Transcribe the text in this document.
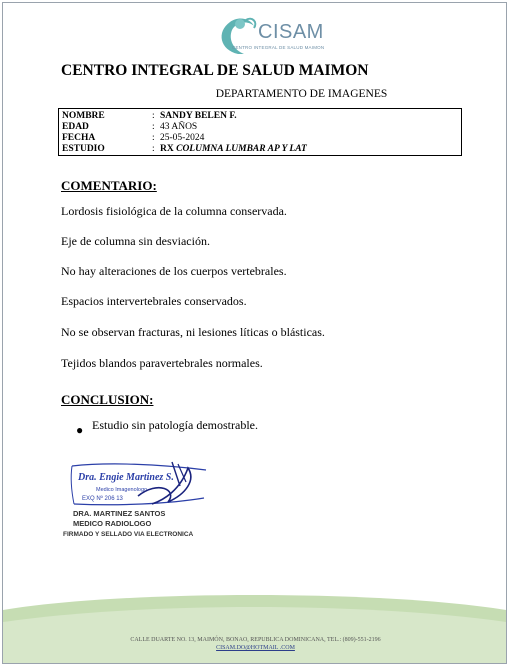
CISAM
CENTRO INTEGRAL DE SALUD MAIMON
CENTRO INTEGRAL DE SALUD MAIMON
DEPARTAMENTO DE IMAGENES
NOMBRE	: SANDY BELEN F.
EDAD	: 43 AÑOS
FECHA	: 25-05-2024
ESTUDIO	: RX COLUMNA LUMBAR AP Y LAT
COMENTARIO:
Lordosis fisiológica de la columna conservada.
Eje de columna sin desviación.
No hay alteraciones de los cuerpos vertebrales.
Espacios intervertebrales conservados.
No se observan fracturas, ni lesiones líticas o blásticas.
Tejidos blandos paravertebrales normales.
CONCLUSION:
● Estudio sin patología demostrable.
Dra. Engie Martinez S.
Medico Imagenologo
EXQ Nº 206 13
DRA. MARTINEZ SANTOS
MEDICO RADIOLOGO
FIRMADO Y SELLADO VIA ELECTRONICA
CALLE DUARTE NO. 13, MAIMÓN, BONAO, REPUBLICA DOMINICANA, TEL.: (809)-551-2196
CISAM.DO@HOTMAIL .COM
